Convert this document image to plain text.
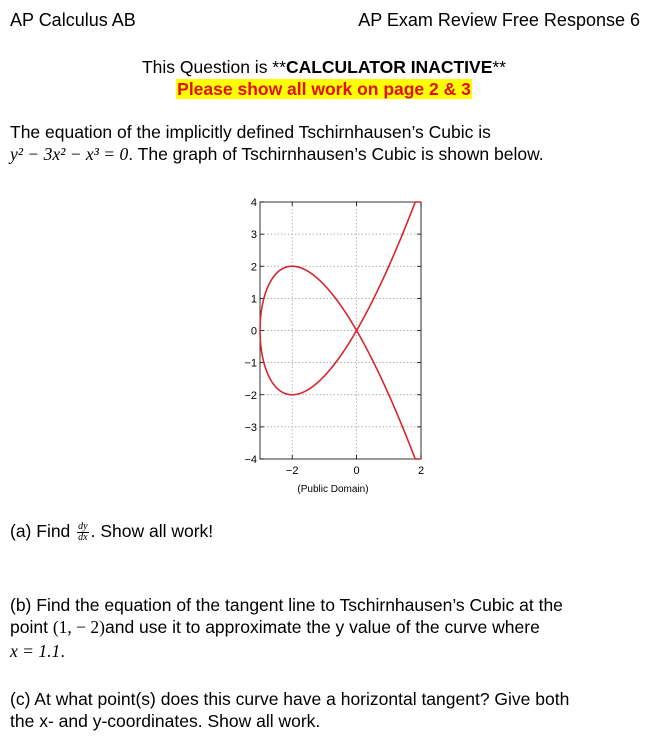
AP Calculus AB	AP Exam Review Free Response 6
This Question is **CALCULATOR INACTIVE**
Please show all work on page 2 & 3
The equation of the implicitly defined Tschirnhausen’s Cubic is
y² − 3x² − x³ = 0. The graph of Tschirnhausen’s Cubic is shown below.
4
3
2
1
0
−1
−2
−3
−4
−2	0	2
(Public Domain)
(a) Find $\frac{dy}{dx}$ . Show all work!
(b) Find the equation of the tangent line to Tschirnhausen’s Cubic at the
point (1, − 2)and use it to approximate the y value of the curve where
x = 1.1.
(c) At what point(s) does this curve have a horizontal tangent? Give both
the x- and y-coordinates. Show all work.
